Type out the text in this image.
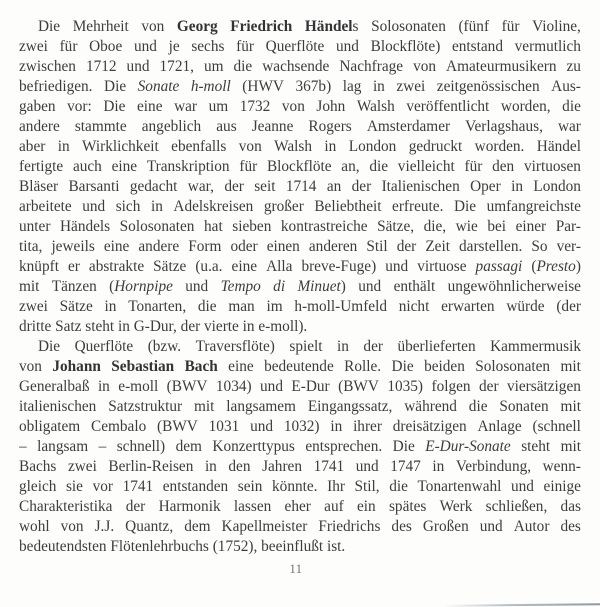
Die Mehrheit von Georg Friedrich Händels Solosonaten (fünf für Violine,
zwei für Oboe und je sechs für Querflöte und Blockflöte) entstand vermutlich
zwischen 1712 und 1721, um die wachsende Nachfrage von Amateurmusikern zu
befriedigen. Die Sonate h-moll (HWV 367b) lag in zwei zeitgenössischen Aus-
gaben vor: Die eine war um 1732 von John Walsh veröffentlicht worden, die
andere stammte angeblich aus Jeanne Rogers Amsterdamer Verlagshaus, war
aber in Wirklichkeit ebenfalls von Walsh in London gedruckt worden. Händel
fertigte auch eine Transkription für Blockflöte an, die vielleicht für den virtuosen
Bläser Barsanti gedacht war, der seit 1714 an der Italienischen Oper in London
arbeitete und sich in Adelskreisen großer Beliebtheit erfreute. Die umfangreichste
unter Händels Solosonaten hat sieben kontrastreiche Sätze, die, wie bei einer Par-
tita, jeweils eine andere Form oder einen anderen Stil der Zeit darstellen. So ver-
knüpft er abstrakte Sätze (u.a. eine Alla breve-Fuge) und virtuose passagi (Presto)
mit Tänzen (Hornpipe und Tempo di Minuet) und enthält ungewöhnlicherweise
zwei Sätze in Tonarten, die man im h-moll-Umfeld nicht erwarten würde (der
dritte Satz steht in G-Dur, der vierte in e-moll).
Die Querflöte (bzw. Traversflöte) spielt in der überlieferten Kammermusik
von Johann Sebastian Bach eine bedeutende Rolle. Die beiden Solosonaten mit
Generalbaß in e-moll (BWV 1034) und E-Dur (BWV 1035) folgen der viersätzigen
italienischen Satzstruktur mit langsamem Eingangssatz, während die Sonaten mit
obligatem Cembalo (BWV 1031 und 1032) in ihrer dreisätzigen Anlage (schnell
– langsam – schnell) dem Konzerttypus entsprechen. Die E-Dur-Sonate steht mit
Bachs zwei Berlin-Reisen in den Jahren 1741 und 1747 in Verbindung, wenn-
gleich sie vor 1741 entstanden sein könnte. Ihr Stil, die Tonartenwahl und einige
Charakteristika der Harmonik lassen eher auf ein spätes Werk schließen, das
wohl von J.J. Quantz, dem Kapellmeister Friedrichs des Großen und Autor des
bedeutendsten Flötenlehrbuchs (1752), beeinflußt ist.
11
